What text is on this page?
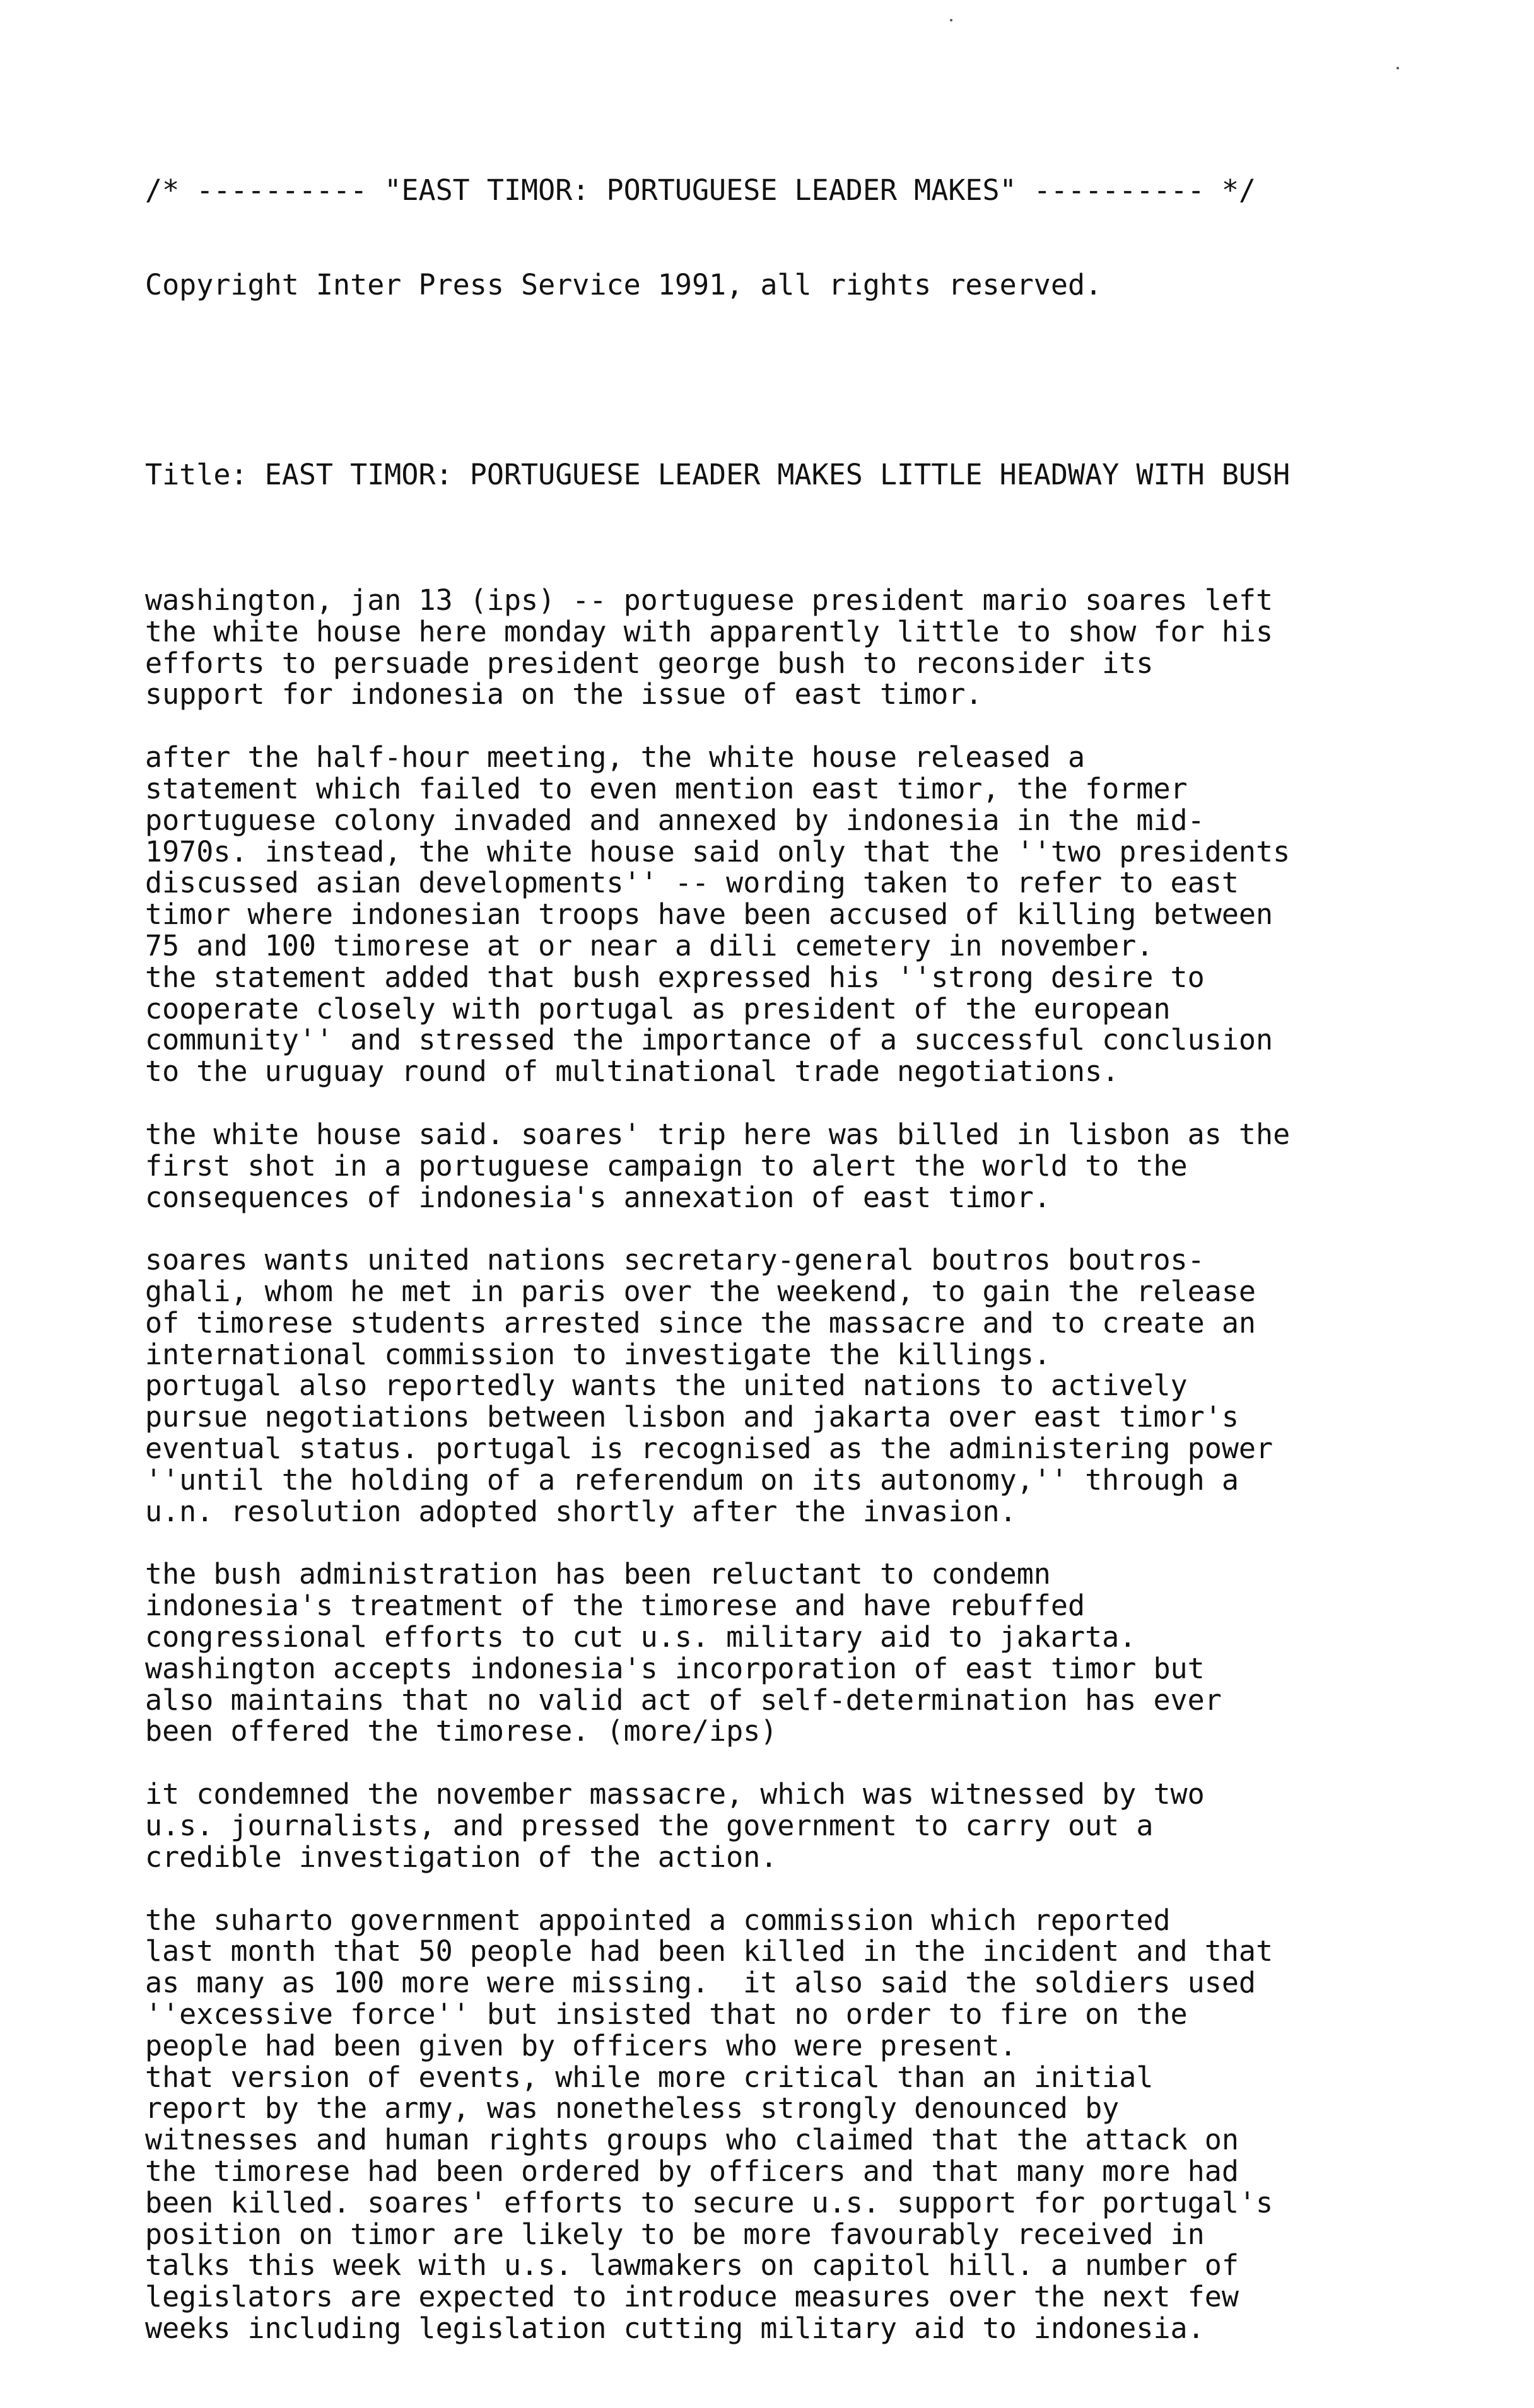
/* ---------- "EAST TIMOR: PORTUGUESE LEADER MAKES" ---------- */

Copyright Inter Press Service 1991, all rights reserved.

Title: EAST TIMOR: PORTUGUESE LEADER MAKES LITTLE HEADWAY WITH BUSH

washington, jan 13 (ips) -- portuguese president mario soares left
the white house here monday with apparently little to show for his
efforts to persuade president george bush to reconsider its
support for indonesia on the issue of east timor.
after the half-hour meeting, the white house released a
statement which failed to even mention east timor, the former
portuguese colony invaded and annexed by indonesia in the mid-
1970s. instead, the white house said only that the ''two presidents
discussed asian developments'' -- wording taken to refer to east
timor where indonesian troops have been accused of killing between
75 and 100 timorese at or near a dili cemetery in november.
the statement added that bush expressed his ''strong desire to
cooperate closely with portugal as president of the european
community'' and stressed the importance of a successful conclusion
to the uruguay round of multinational trade negotiations.
the white house said. soares' trip here was billed in lisbon as the
first shot in a portuguese campaign to alert the world to the
consequences of indonesia's annexation of east timor.
soares wants united nations secretary-general boutros boutros-
ghali, whom he met in paris over the weekend, to gain the release
of timorese students arrested since the massacre and to create an
international commission to investigate the killings.
portugal also reportedly wants the united nations to actively
pursue negotiations between lisbon and jakarta over east timor's
eventual status. portugal is recognised as the administering power
''until the holding of a referendum on its autonomy,'' through a
u.n. resolution adopted shortly after the invasion.
the bush administration has been reluctant to condemn
indonesia's treatment of the timorese and have rebuffed
congressional efforts to cut u.s. military aid to jakarta.
washington accepts indonesia's incorporation of east timor but
also maintains that no valid act of self-determination has ever
been offered the timorese. (more/ips)
it condemned the november massacre, which was witnessed by two
u.s. journalists, and pressed the government to carry out a
credible investigation of the action.
the suharto government appointed a commission which reported
last month that 50 people had been killed in the incident and that
as many as 100 more were missing.  it also said the soldiers used
''excessive force'' but insisted that no order to fire on the
people had been given by officers who were present.
that version of events, while more critical than an initial
report by the army, was nonetheless strongly denounced by
witnesses and human rights groups who claimed that the attack on
the timorese had been ordered by officers and that many more had
been killed. soares' efforts to secure u.s. support for portugal's
position on timor are likely to be more favourably received in
talks this week with u.s. lawmakers on capitol hill. a number of
legislators are expected to introduce measures over the next few
weeks including legislation cutting military aid to indonesia.
